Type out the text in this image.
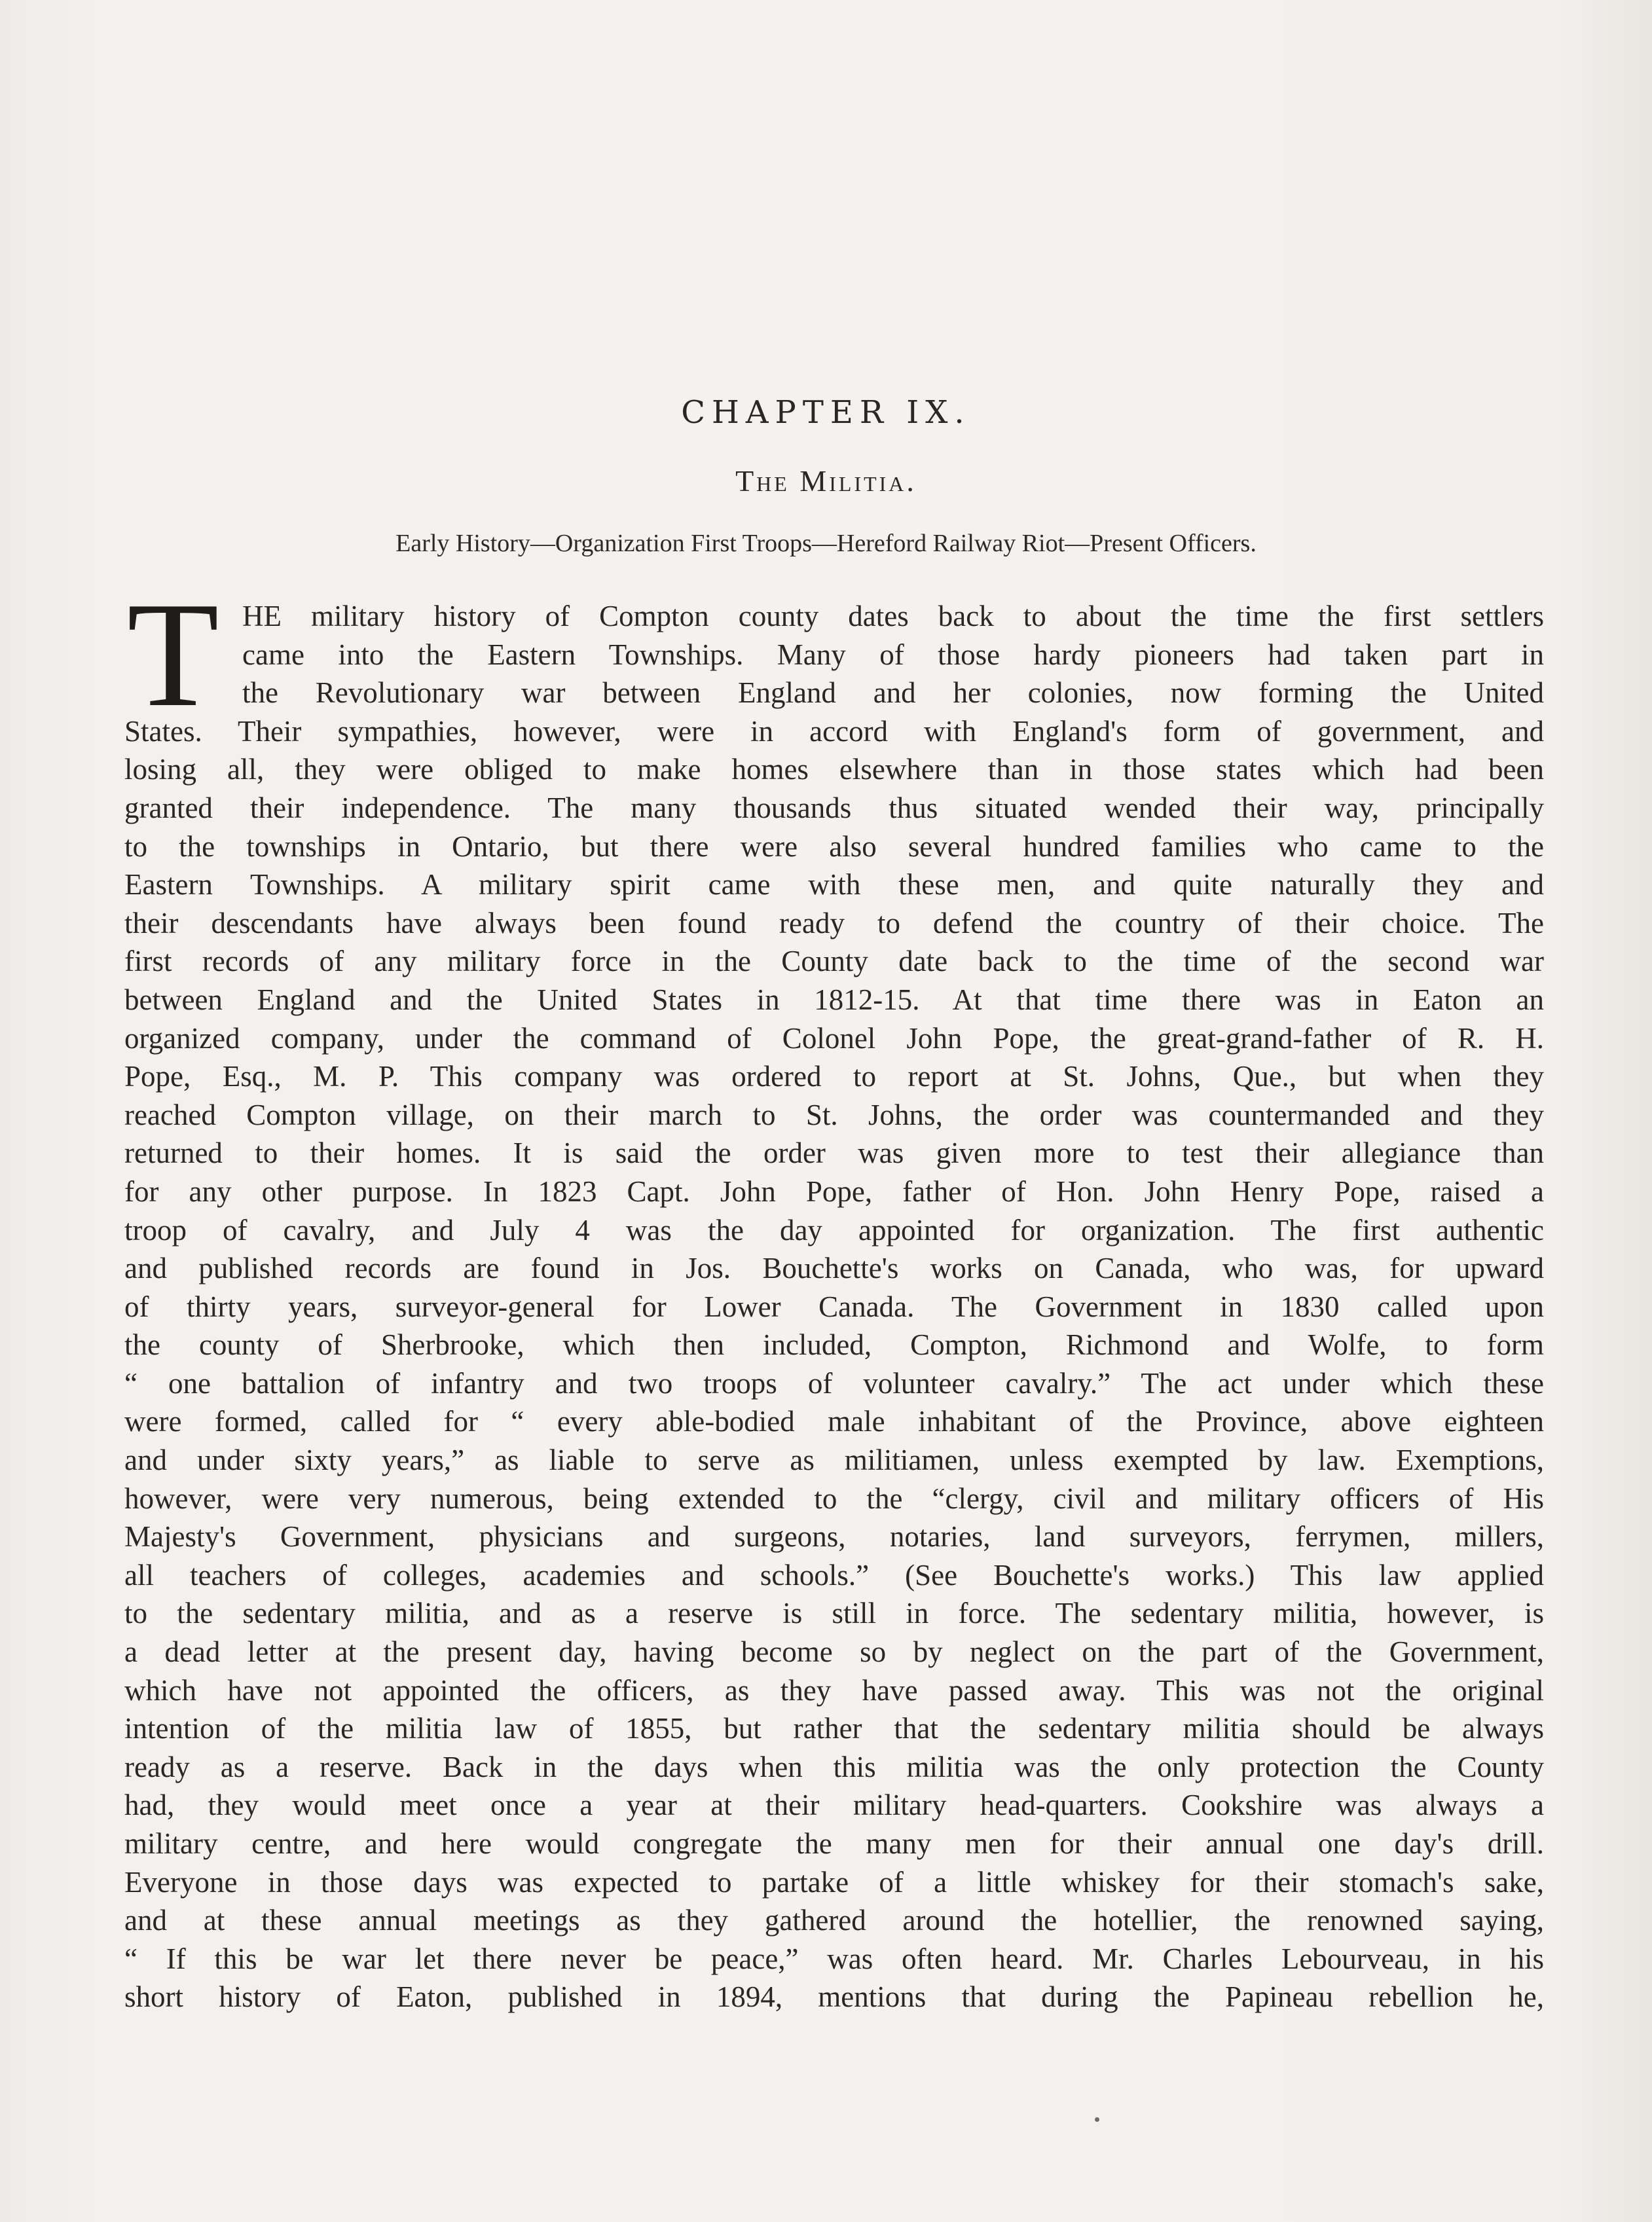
CHAPTER IX.
The Militia.
Early History—Organization First Troops—Hereford Railway Riot—Present Officers.
T HE military history of Compton county dates back to about the time the first settlers
came into the Eastern Townships. Many of those hardy pioneers had taken part in
the Revolutionary war between England and her colonies, now forming the United
States. Their sympathies, however, were in accord with England's form of government, and
losing all, they were obliged to make homes elsewhere than in those states which had been
granted their independence. The many thousands thus situated wended their way, principally
to the townships in Ontario, but there were also several hundred families who came to the
Eastern Townships. A military spirit came with these men, and quite naturally they and
their descendants have always been found ready to defend the country of their choice. The
first records of any military force in the County date back to the time of the second war
between England and the United States in 1812-15. At that time there was in Eaton an
organized company, under the command of Colonel John Pope, the great-grand-father of R. H.
Pope, Esq., M. P. This company was ordered to report at St. Johns, Que., but when they
reached Compton village, on their march to St. Johns, the order was countermanded and they
returned to their homes. It is said the order was given more to test their allegiance than
for any other purpose. In 1823 Capt. John Pope, father of Hon. John Henry Pope, raised a
troop of cavalry, and July 4 was the day appointed for organization. The first authentic
and published records are found in Jos. Bouchette's works on Canada, who was, for upward
of thirty years, surveyor-general for Lower Canada. The Government in 1830 called upon
the county of Sherbrooke, which then included, Compton, Richmond and Wolfe, to form
“ one battalion of infantry and two troops of volunteer cavalry.” The act under which these
were formed, called for “ every able-bodied male inhabitant of the Province, above eighteen
and under sixty years,” as liable to serve as militiamen, unless exempted by law. Exemptions,
however, were very numerous, being extended to the “clergy, civil and military officers of His
Majesty's Government, physicians and surgeons, notaries, land surveyors, ferrymen, millers,
all teachers of colleges, academies and schools.” (See Bouchette's works.) This law applied
to the sedentary militia, and as a reserve is still in force. The sedentary militia, however, is
a dead letter at the present day, having become so by neglect on the part of the Government,
which have not appointed the officers, as they have passed away. This was not the original
intention of the militia law of 1855, but rather that the sedentary militia should be always
ready as a reserve. Back in the days when this militia was the only protection the County
had, they would meet once a year at their military head-quarters. Cookshire was always a
military centre, and here would congregate the many men for their annual one day's drill.
Everyone in those days was expected to partake of a little whiskey for their stomach's sake,
and at these annual meetings as they gathered around the hotellier, the renowned saying,
“ If this be war let there never be peace,” was often heard. Mr. Charles Lebourveau, in his
short history of Eaton, published in 1894, mentions that during the Papineau rebellion he,
